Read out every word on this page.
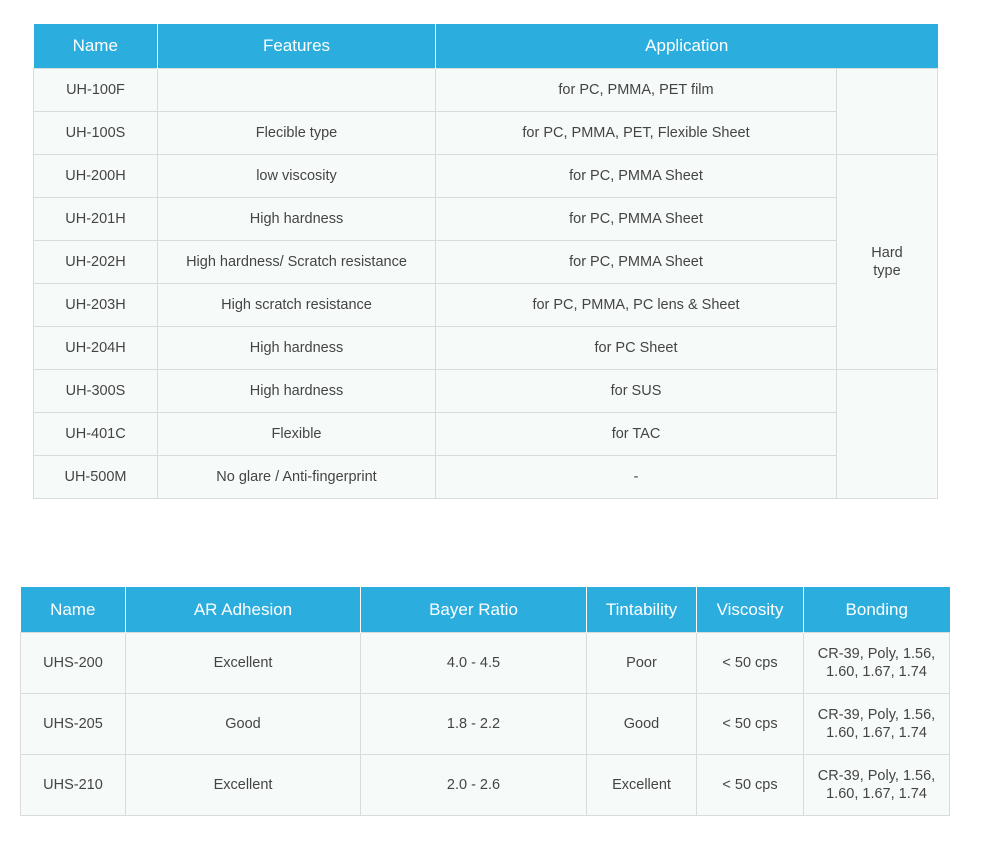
Name	Features	Application	
UH-100F		for PC, PMMA, PET film	
UH-100S	Flecible type	for PC, PMMA, PET, Flexible Sheet	
UH-200H	low viscosity	for PC, PMMA Sheet	Hard type
UH-201H	High hardness	for PC, PMMA Sheet	
UH-202H	High hardness/ Scratch resistance	for PC, PMMA Sheet	
UH-203H	High scratch resistance	for PC, PMMA, PC lens & Sheet	
UH-204H	High hardness	for PC Sheet	
UH-300S	High hardness	for SUS	
UH-401C	Flexible	for TAC	
UH-500M	No glare / Anti-fingerprint	-	
Name	AR Adhesion	Bayer Ratio	Tintability	Viscosity	Bonding
UHS-200	Excellent	4.0 - 4.5	Poor	< 50 cps	CR-39, Poly, 1.56, 1.60, 1.67, 1.74
UHS-205	Good	1.8 - 2.2	Good	< 50 cps	CR-39, Poly, 1.56, 1.60, 1.67, 1.74
UHS-210	Excellent	2.0 - 2.6	Excellent	< 50 cps	CR-39, Poly, 1.56, 1.60, 1.67, 1.74
